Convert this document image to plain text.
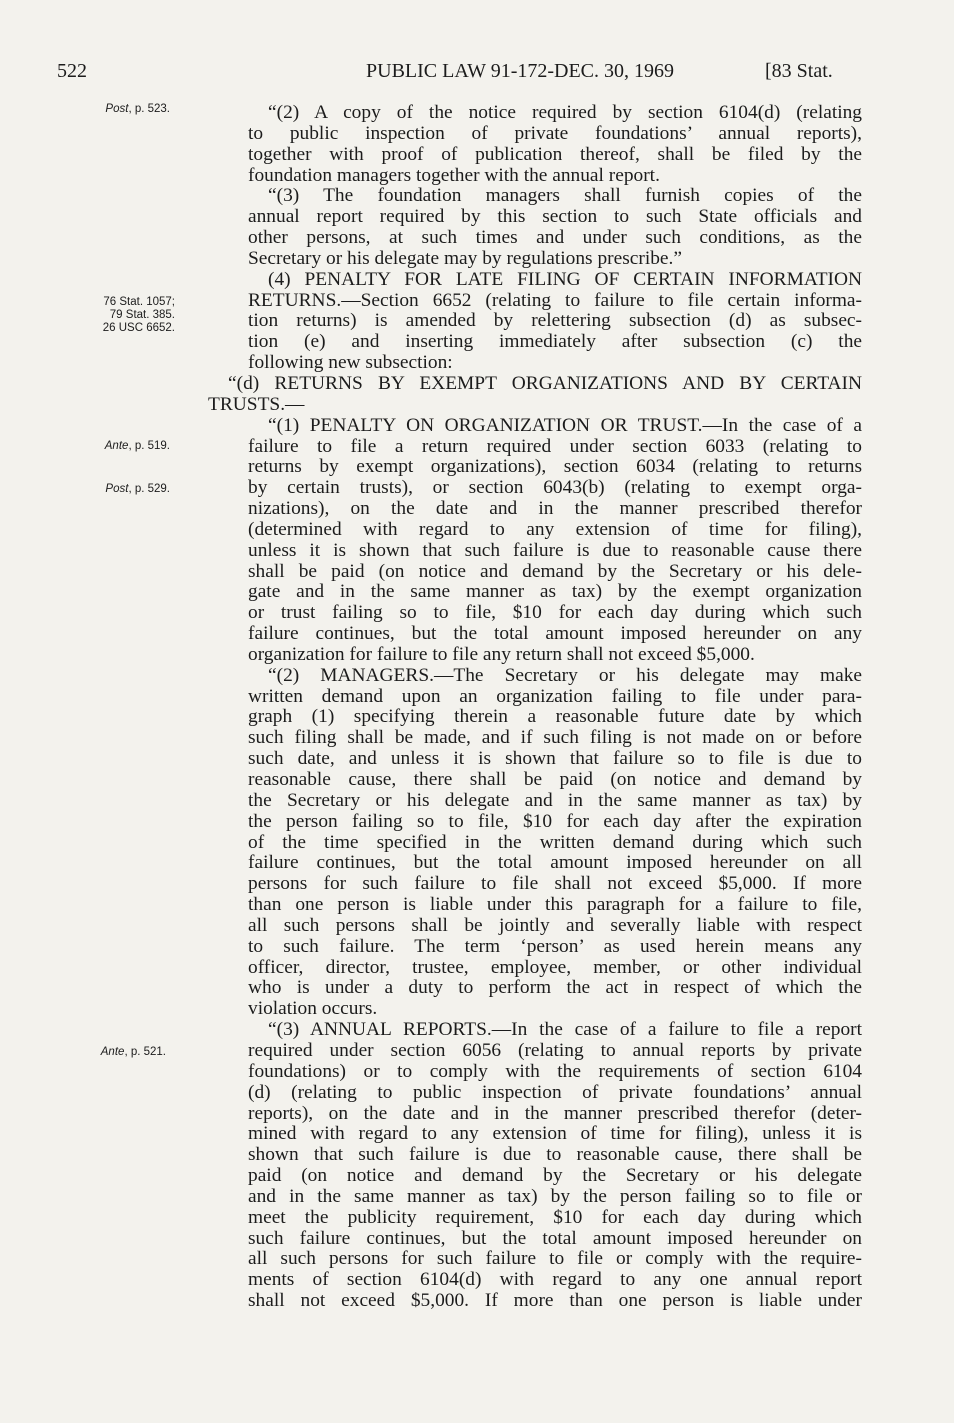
522	PUBLIC LAW 91-172-DEC. 30, 1969	[83 Stat.
Post, p. 523.
76 Stat. 1057;
79 Stat. 385.
26 USC 6652.
Ante, p. 519.
Post, p. 529.
Ante, p. 521.
“(2) A copy of the notice required by section 6104(d) (relating
to public inspection of private foundations’ annual reports),
together with proof of publication thereof, shall be filed by the
foundation managers together with the annual report.
“(3) The foundation managers shall furnish copies of the
annual report required by this section to such State officials and
other persons, at such times and under such conditions, as the
Secretary or his delegate may by regulations prescribe.”
(4) PENALTY FOR LATE FILING OF CERTAIN INFORMATION
RETURNS.—Section 6652 (relating to failure to file certain informa-
tion returns) is amended by relettering subsection (d) as subsec-
tion (e) and inserting immediately after subsection (c) the
following new subsection:
“(d) RETURNS BY EXEMPT ORGANIZATIONS AND BY CERTAIN
TRUSTS.—
“(1) PENALTY ON ORGANIZATION OR TRUST.—In the case of a
failure to file a return required under section 6033 (relating to
returns by exempt organizations), section 6034 (relating to returns
by certain trusts), or section 6043(b) (relating to exempt orga-
nizations), on the date and in the manner prescribed therefor
(determined with regard to any extension of time for filing),
unless it is shown that such failure is due to reasonable cause there
shall be paid (on notice and demand by the Secretary or his dele-
gate and in the same manner as tax) by the exempt organization
or trust failing so to file, $10 for each day during which such
failure continues, but the total amount imposed hereunder on any
organization for failure to file any return shall not exceed $5,000.
“(2) MANAGERS.—The Secretary or his delegate may make
written demand upon an organization failing to file under para-
graph (1) specifying therein a reasonable future date by which
such filing shall be made, and if such filing is not made on or before
such date, and unless it is shown that failure so to file is due to
reasonable cause, there shall be paid (on notice and demand by
the Secretary or his delegate and in the same manner as tax) by
the person failing so to file, $10 for each day after the expiration
of the time specified in the written demand during which such
failure continues, but the total amount imposed hereunder on all
persons for such failure to file shall not exceed $5,000. If more
than one person is liable under this paragraph for a failure to file,
all such persons shall be jointly and severally liable with respect
to such failure. The term ‘person’ as used herein means any
officer, director, trustee, employee, member, or other individual
who is under a duty to perform the act in respect of which the
violation occurs.
“(3) ANNUAL REPORTS.—In the case of a failure to file a report
required under section 6056 (relating to annual reports by private
foundations) or to comply with the requirements of section 6104
(d) (relating to public inspection of private foundations’ annual
reports), on the date and in the manner prescribed therefor (deter-
mined with regard to any extension of time for filing), unless it is
shown that such failure is due to reasonable cause, there shall be
paid (on notice and demand by the Secretary or his delegate
and in the same manner as tax) by the person failing so to file or
meet the publicity requirement, $10 for each day during which
such failure continues, but the total amount imposed hereunder on
all such persons for such failure to file or comply with the require-
ments of section 6104(d) with regard to any one annual report
shall not exceed $5,000. If more than one person is liable under
